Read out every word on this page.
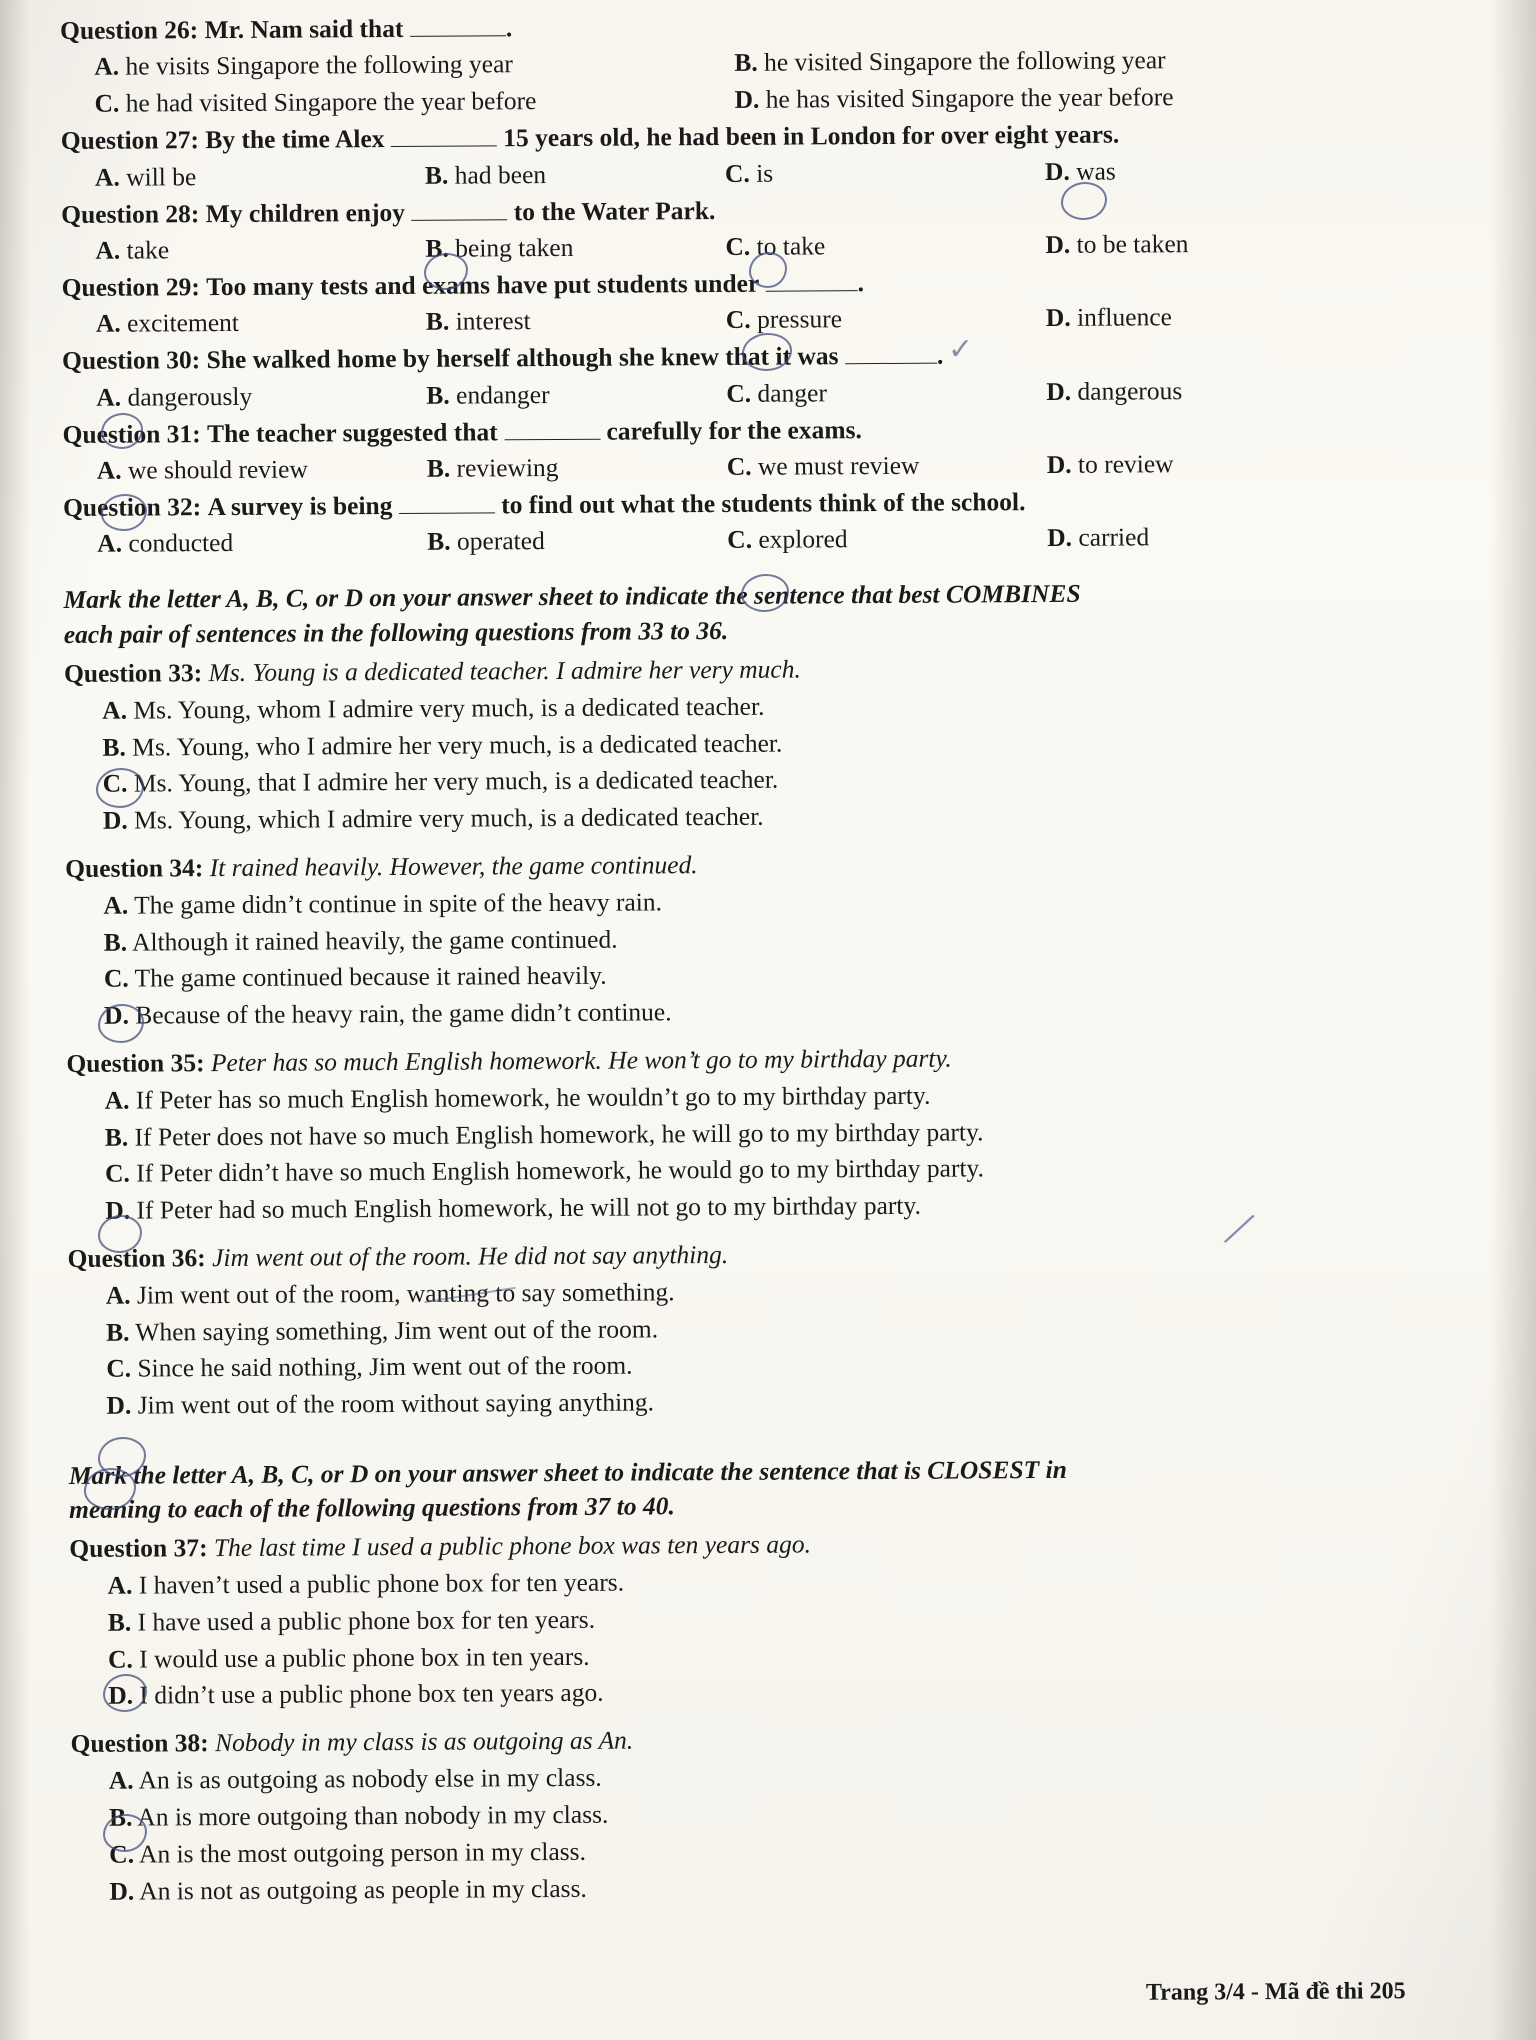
Question 26: Mr. Nam said that	.
A. he visits Singapore the following year	B. he visited Singapore the following year
C. he had visited Singapore the year before	D. he has visited Singapore the year before
Question 27: By the time Alex	15 years old, he had been in London for over eight years.
A. will be	B. had been	C. is	D. was
Question 28: My children enjoy	to the Water Park.
A. take	B. being taken	C. to take	D. to be taken
Question 29: Too many tests and exams have put students under	.
A. excitement	B. interest	C. pressure	D. influence
Question 30: She walked home by herself although she knew that it was	.
A. dangerously	B. endanger	C. danger	D. dangerous
Question 31: The teacher suggested that	carefully for the exams.
A. we should review	B. reviewing	C. we must review	D. to review
Question 32: A survey is being	to find out what the students think of the school.
A. conducted	B. operated	C. explored	D. carried
Mark the letter A, B, C, or D on your answer sheet to indicate the sentence that best COMBINES
each pair of sentences in the following questions from 33 to 36.
Question 33: Ms. Young is a dedicated teacher. I admire her very much.
A. Ms. Young, whom I admire very much, is a dedicated teacher.
B. Ms. Young, who I admire her very much, is a dedicated teacher.
C. Ms. Young, that I admire her very much, is a dedicated teacher.
D. Ms. Young, which I admire very much, is a dedicated teacher.
Question 34: It rained heavily. However, the game continued.
A. The game didn’t continue in spite of the heavy rain.
B. Although it rained heavily, the game continued.
C. The game continued because it rained heavily.
D. Because of the heavy rain, the game didn’t continue.
Question 35: Peter has so much English homework. He won’t go to my birthday party.
A. If Peter has so much English homework, he wouldn’t go to my birthday party.
B. If Peter does not have so much English homework, he will go to my birthday party.
C. If Peter didn’t have so much English homework, he would go to my birthday party.
D. If Peter had so much English homework, he will not go to my birthday party.
Question 36: Jim went out of the room. He did not say anything.
A. Jim went out of the room, wanting to say something.
B. When saying something, Jim went out of the room.
C. Since he said nothing, Jim went out of the room.
D. Jim went out of the room without saying anything.
Mark the letter A, B, C, or D on your answer sheet to indicate the sentence that is CLOSEST in
meaning to each of the following questions from 37 to 40.
Question 37: The last time I used a public phone box was ten years ago.
A. I haven’t used a public phone box for ten years.
B. I have used a public phone box for ten years.
C. I would use a public phone box in ten years.
D. I didn’t use a public phone box ten years ago.
Question 38: Nobody in my class is as outgoing as An.
A. An is as outgoing as nobody else in my class.
B. An is more outgoing than nobody in my class.
C. An is the most outgoing person in my class.
D. An is not as outgoing as people in my class.
✓
╱
Trang 3/4 - Mã đề thi 205
